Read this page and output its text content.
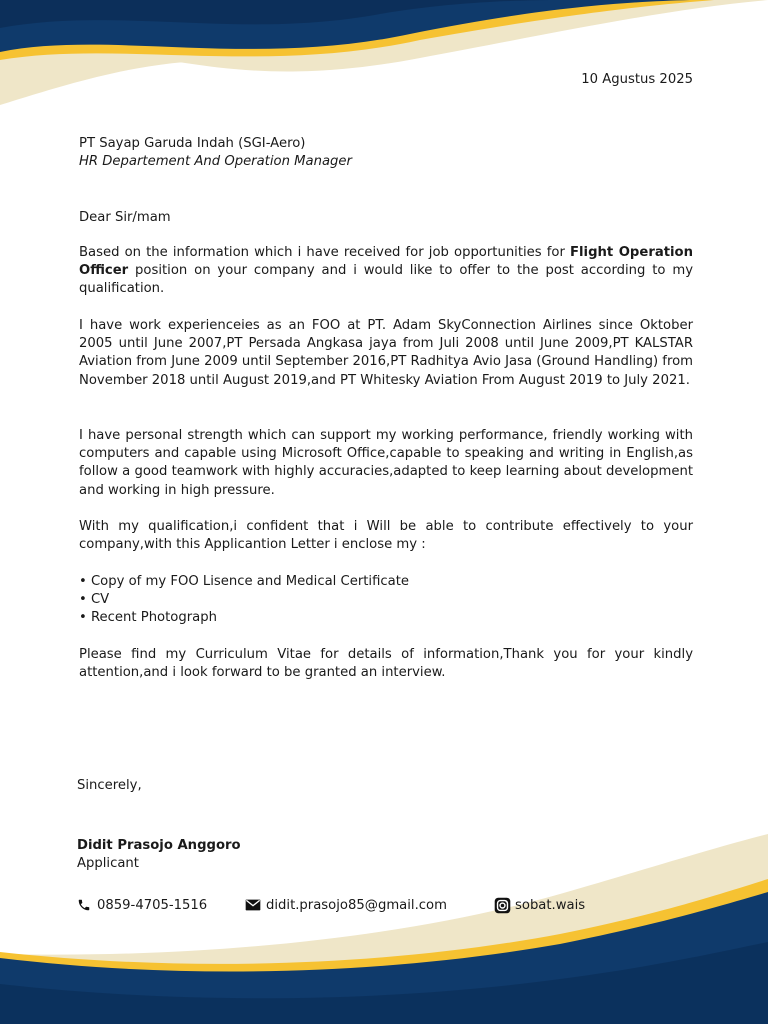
10 Agustus 2025
PT Sayap Garuda Indah (SGI-Aero)
HR Departement And Operation Manager
Dear Sir/mam
Based on the information which i have received for job opportunities for Flight Operation Officer position on your company and i would like to offer to the post according to my qualification.
I have work experienceies as an FOO at PT. Adam SkyConnection Airlines since Oktober 2005 until June 2007,PT Persada Angkasa jaya from Juli 2008 until June 2009,PT KALSTAR Aviation from June 2009 until September 2016,PT Radhitya Avio Jasa (Ground Handling) from November 2018 until August 2019,and PT Whitesky Aviation From August 2019 to July 2021.
I have personal strength which can support my working performance, friendly working with computers and capable using Microsoft Office,capable to speaking and writing in English,as follow a good teamwork with highly accuracies,adapted to keep learning about development and working in high pressure.
With my qualification,i confident that i Will be able to contribute effectively to your company,with this Applicantion Letter i enclose my :
• Copy of my FOO Lisence and Medical Certificate
• CV
• Recent Photograph
Please find my Curriculum Vitae for details of information,Thank you for your kindly attention,and i look forward to be granted an interview.
Sincerely,
Didit Prasojo Anggoro
Applicant
0859-4705-1516	didit.prasojo85@gmail.com	sobat.wais
